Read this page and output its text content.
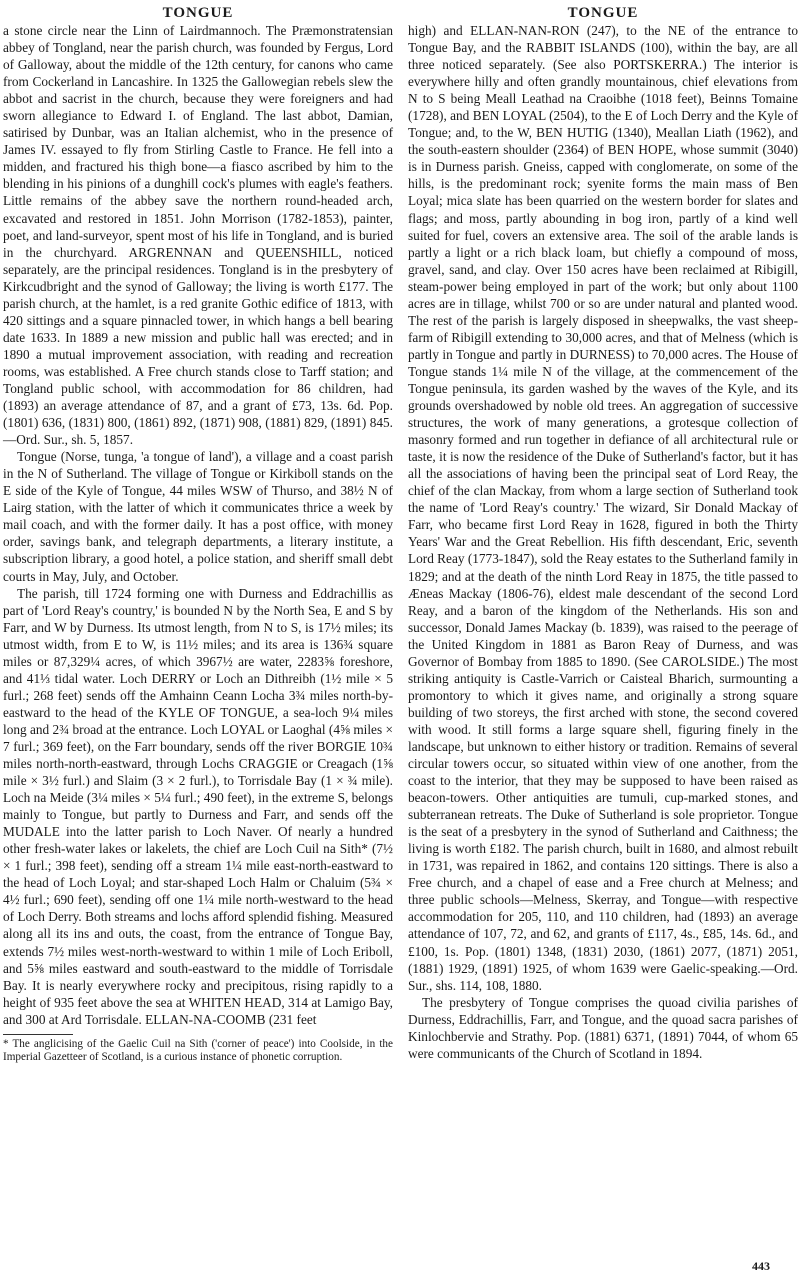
TONGUE

a stone circle near the Linn of Lairdmannoch. The Præmonstratensian abbey of Tongland, near the parish church, was founded by Fergus, Lord of Galloway, about the middle of the 12th century, for canons who came from Cockerland in Lancashire. In 1325 the Gallowegian rebels slew the abbot and sacrist in the church, because they were foreigners and had sworn allegiance to Edward I. of England. The last abbot, Damian, satirised by Dunbar, was an Italian alchemist, who in the presence of James IV. essayed to fly from Stirling Castle to France. He fell into a midden, and fractured his thigh bone—a fiasco ascribed by him to the blending in his pinions of a dunghill cock's plumes with eagle's feathers. Little remains of the abbey save the northern round-headed arch, excavated and restored in 1851. John Morrison (1782-1853), painter, poet, and land-surveyor, spent most of his life in Tongland, and is buried in the churchyard. ARGRENNAN and QUEENSHILL, noticed separately, are the principal residences. Tongland is in the presbytery of Kirkcudbright and the synod of Galloway; the living is worth £177. The parish church, at the hamlet, is a red granite Gothic edifice of 1813, with 420 sittings and a square pinnacled tower, in which hangs a bell bearing date 1633. In 1889 a new mission and public hall was erected; and in 1890 a mutual improvement association, with reading and recreation rooms, was established. A Free church stands close to Tarff station; and Tongland public school, with accommodation for 86 children, had (1893) an average attendance of 87, and a grant of £73, 13s. 6d. Pop. (1801) 636, (1831) 800, (1861) 892, (1871) 908, (1881) 829, (1891) 845.—Ord. Sur., sh. 5, 1857.

Tongue (Norse, tunga, 'a tongue of land'), a village and a coast parish in the N of Sutherland. The village of Tongue or Kirkiboll stands on the E side of the Kyle of Tongue, 44 miles WSW of Thurso, and 38½ N of Lairg station, with the latter of which it communicates thrice a week by mail coach, and with the former daily. It has a post office, with money order, savings bank, and telegraph departments, a literary institute, a subscription library, a good hotel, a police station, and sheriff small debt courts in May, July, and October.

The parish, till 1724 forming one with Durness and Eddrachillis as part of 'Lord Reay's country,' is bounded N by the North Sea, E and S by Farr, and W by Durness. Its utmost length, from N to S, is 17½ miles; its utmost width, from E to W, is 11½ miles; and its area is 136¾ square miles or 87,329¼ acres, of which 3967½ are water, 2283⅝ foreshore, and 41⅓ tidal water. Loch DERRY or Loch an Dithreibh (1½ mile × 5 furl.; 268 feet) sends off the Amhainn Ceann Locha 3¾ miles north-by-eastward to the head of the KYLE OF TONGUE, a sea-loch 9¼ miles long and 2¾ broad at the entrance. Loch LOYAL or Laoghal (4⅝ miles × 7 furl.; 369 feet), on the Farr boundary, sends off the river BORGIE 10¾ miles north-north-eastward, through Lochs CRAGGIE or Creagach (1⅝ mile × 3½ furl.) and Slaim (3 × 2 furl.), to Torrisdale Bay (1 × ¾ mile). Loch na Meide (3¼ miles × 5¼ furl.; 490 feet), in the extreme S, belongs mainly to Tongue, but partly to Durness and Farr, and sends off the MUDALE into the latter parish to Loch Naver. Of nearly a hundred other fresh-water lakes or lakelets, the chief are Loch Cuil na Sith* (7½ × 1 furl.; 398 feet), sending off a stream 1¼ mile east-north-eastward to the head of Loch Loyal; and star-shaped Loch Halm or Chaluim (5¾ × 4½ furl.; 690 feet), sending off one 1¼ mile north-westward to the head of Loch Derry. Both streams and lochs afford splendid fishing. Measured along all its ins and outs, the coast, from the entrance of Tongue Bay, extends 7½ miles west-north-westward to within 1 mile of Loch Eriboll, and 5⅝ miles eastward and south-eastward to the middle of Torrisdale Bay. It is nearly everywhere rocky and precipitous, rising rapidly to a height of 935 feet above the sea at WHITEN HEAD, 314 at Lamigo Bay, and 300 at Ard Torrisdale. ELLAN-NA-COOMB (231 feet

* The anglicising of the Gaelic Cuil na Sith ('corner of peace') into Coolside, in the Imperial Gazetteer of Scotland, is a curious instance of phonetic corruption.

TONGUE

high) and ELLAN-NAN-RON (247), to the NE of the entrance to Tongue Bay, and the RABBIT ISLANDS (100), within the bay, are all three noticed separately. (See also PORTSKERRA.) The interior is everywhere hilly and often grandly mountainous, chief elevations from N to S being Meall Leathad na Craoibhe (1018 feet), Beinns Tomaine (1728), and BEN LOYAL (2504), to the E of Loch Derry and the Kyle of Tongue; and, to the W, BEN HUTIG (1340), Meallan Liath (1962), and the south-eastern shoulder (2364) of BEN HOPE, whose summit (3040) is in Durness parish. Gneiss, capped with conglomerate, on some of the hills, is the predominant rock; syenite forms the main mass of Ben Loyal; mica slate has been quarried on the western border for slates and flags; and moss, partly abounding in bog iron, partly of a kind well suited for fuel, covers an extensive area. The soil of the arable lands is partly a light or a rich black loam, but chiefly a compound of moss, gravel, sand, and clay. Over 150 acres have been reclaimed at Ribigill, steam-power being employed in part of the work; but only about 1100 acres are in tillage, whilst 700 or so are under natural and planted wood. The rest of the parish is largely disposed in sheepwalks, the vast sheep-farm of Ribigill extending to 30,000 acres, and that of Melness (which is partly in Tongue and partly in DURNESS) to 70,000 acres. The House of Tongue stands 1¼ mile N of the village, at the commencement of the Tongue peninsula, its garden washed by the waves of the Kyle, and its grounds overshadowed by noble old trees. An aggregation of successive structures, the work of many generations, a grotesque collection of masonry formed and run together in defiance of all architectural rule or taste, it is now the residence of the Duke of Sutherland's factor, but it has all the associations of having been the principal seat of Lord Reay, the chief of the clan Mackay, from whom a large section of Sutherland took the name of 'Lord Reay's country.' The wizard, Sir Donald Mackay of Farr, who became first Lord Reay in 1628, figured in both the Thirty Years' War and the Great Rebellion. His fifth descendant, Eric, seventh Lord Reay (1773-1847), sold the Reay estates to the Sutherland family in 1829; and at the death of the ninth Lord Reay in 1875, the title passed to Æneas Mackay (1806-76), eldest male descendant of the second Lord Reay, and a baron of the kingdom of the Netherlands. His son and successor, Donald James Mackay (b. 1839), was raised to the peerage of the United Kingdom in 1881 as Baron Reay of Durness, and was Governor of Bombay from 1885 to 1890. (See CAROLSIDE.) The most striking antiquity is Castle-Varrich or Caisteal Bharich, surmounting a promontory to which it gives name, and originally a strong square building of two storeys, the first arched with stone, the second covered with wood. It still forms a large square shell, figuring finely in the landscape, but unknown to either history or tradition. Remains of several circular towers occur, so situated within view of one another, from the coast to the interior, that they may be supposed to have been raised as beacon-towers. Other antiquities are tumuli, cup-marked stones, and subterranean retreats. The Duke of Sutherland is sole proprietor. Tongue is the seat of a presbytery in the synod of Sutherland and Caithness; the living is worth £182. The parish church, built in 1680, and almost rebuilt in 1731, was repaired in 1862, and contains 120 sittings. There is also a Free church, and a chapel of ease and a Free church at Melness; and three public schools—Melness, Skerray, and Tongue—with respective accommodation for 205, 110, and 110 children, had (1893) an average attendance of 107, 72, and 62, and grants of £117, 4s., £85, 14s. 6d., and £100, 1s. Pop. (1801) 1348, (1831) 2030, (1861) 2077, (1871) 2051, (1881) 1929, (1891) 1925, of whom 1639 were Gaelic-speaking.—Ord. Sur., shs. 114, 108, 1880.

The presbytery of Tongue comprises the quoad civilia parishes of Durness, Eddrachillis, Farr, and Tongue, and the quoad sacra parishes of Kinlochbervie and Strathy. Pop. (1881) 6371, (1891) 7044, of whom 65 were communicants of the Church of Scotland in 1894.

443
